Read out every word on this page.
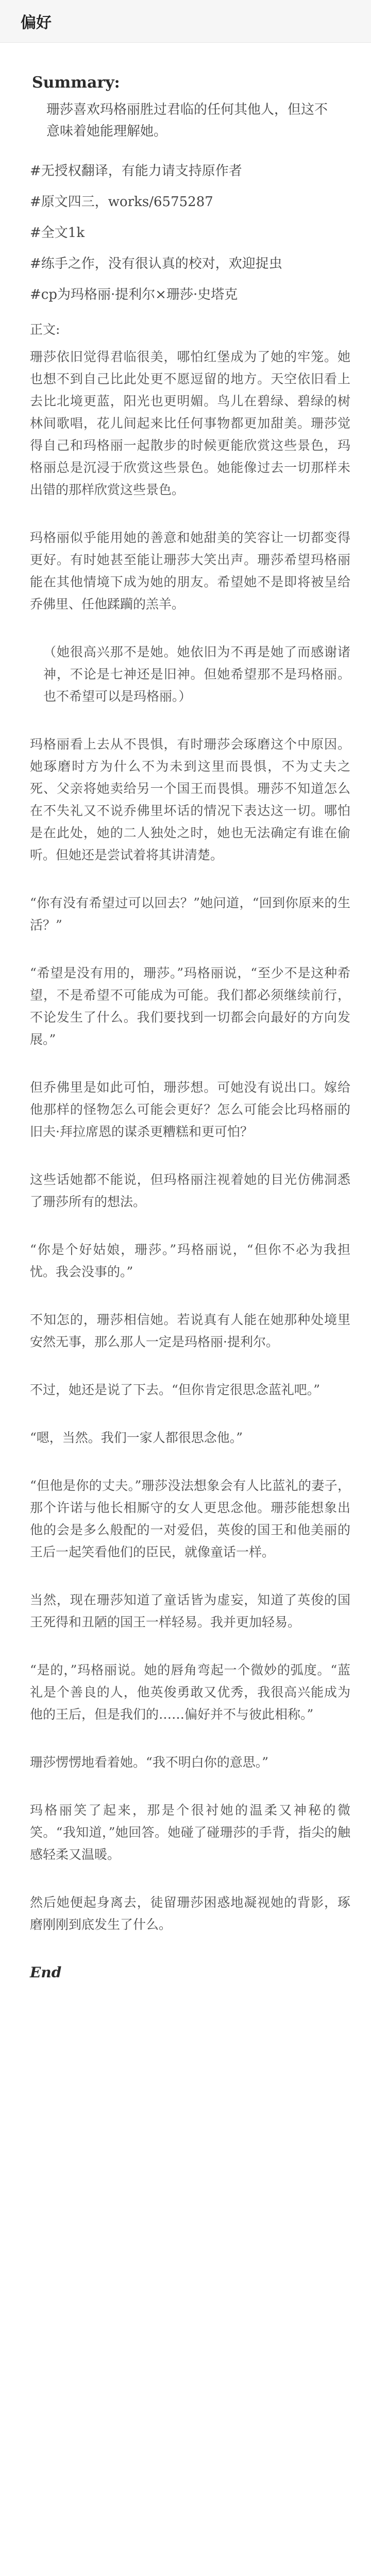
偏好
Summary:
珊莎喜欢玛格丽胜过君临的任何其他人，但这不意味着她能理解她。

#无授权翻译，有能力请支持原作者

#原文四三，works/6575287

#全文1k

#练手之作，没有很认真的校对，欢迎捉虫

#cp为玛格丽·提利尔×珊莎·史塔克

正文:

珊莎依旧觉得君临很美，哪怕红堡成为了她的牢笼。她也想不到自己比此处更不愿逗留的地方。天空依旧看上去比北境更蓝，阳光也更明媚。鸟儿在碧绿、碧绿的树林间歌唱，花儿间起来比任何事物都更加甜美。珊莎觉得自己和玛格丽一起散步的时候更能欣赏这些景色，玛格丽总是沉浸于欣赏这些景色。她能像过去一切那样未出错的那样欣赏这些景色。

玛格丽似乎能用她的善意和她甜美的笑容让一切都变得更好。有时她甚至能让珊莎大笑出声。珊莎希望玛格丽能在其他情境下成为她的朋友。希望她不是即将被呈给乔佛里、任他蹂躏的羔羊。

（她很高兴那不是她。她依旧为不再是她了而感谢诸神，不论是七神还是旧神。但她希望那不是玛格丽。也不希望可以是玛格丽。）

玛格丽看上去从不畏惧，有时珊莎会琢磨这个中原因。她琢磨时方为什么不为未到这里而畏惧，不为丈夫之死、父亲将她卖给另一个国王而畏惧。珊莎不知道怎么在不失礼又不说乔佛里坏话的情况下表达这一切。哪怕是在此处，她的二人独处之时，她也无法确定有谁在偷听。但她还是尝试着将其讲清楚。

“你有没有希望过可以回去？”她问道，“回到你原来的生活？”

“希望是没有用的，珊莎。”玛格丽说，“至少不是这种希望，不是希望不可能成为可能。我们都必须继续前行，不论发生了什么。我们要找到一切都会向最好的方向发展。”

但乔佛里是如此可怕，珊莎想。可她没有说出口。嫁给他那样的怪物怎么可能会更好？怎么可能会比玛格丽的旧夫·拜拉席恩的谋杀更糟糕和更可怕？

这些话她都不能说，但玛格丽注视着她的目光仿佛洞悉了珊莎所有的想法。

“你是个好姑娘，珊莎。”玛格丽说，“但你不必为我担忧。我会没事的。”

不知怎的，珊莎相信她。若说真有人能在她那种处境里安然无事，那么那人一定是玛格丽·提利尔。

不过，她还是说了下去。“但你肯定很思念蓝礼吧。”

“嗯，当然。我们一家人都很思念他。”

“但他是你的丈夫。”珊莎没法想象会有人比蓝礼的妻子，那个许诺与他长相厮守的女人更思念他。珊莎能想象出他的会是多么般配的一对爱侣，英俊的国王和他美丽的王后一起笑看他们的臣民，就像童话一样。

当然，现在珊莎知道了童话皆为虚妄，知道了英俊的国王死得和丑陋的国王一样轻易。我并更加轻易。

“是的，”玛格丽说。她的唇角弯起一个微妙的弧度。“蓝礼是个善良的人，他英俊勇敢又优秀，我很高兴能成为他的王后，但是我们的……偏好并不与彼此相称。”

珊莎愣愣地看着她。“我不明白你的意思。”

玛格丽笑了起来，那是个很衬她的温柔又神秘的微笑。“我知道，”她回答。她碰了碰珊莎的手背，指尖的触感轻柔又温暖。

然后她便起身离去，徒留珊莎困惑地凝视她的背影，琢磨刚刚到底发生了什么。

End
